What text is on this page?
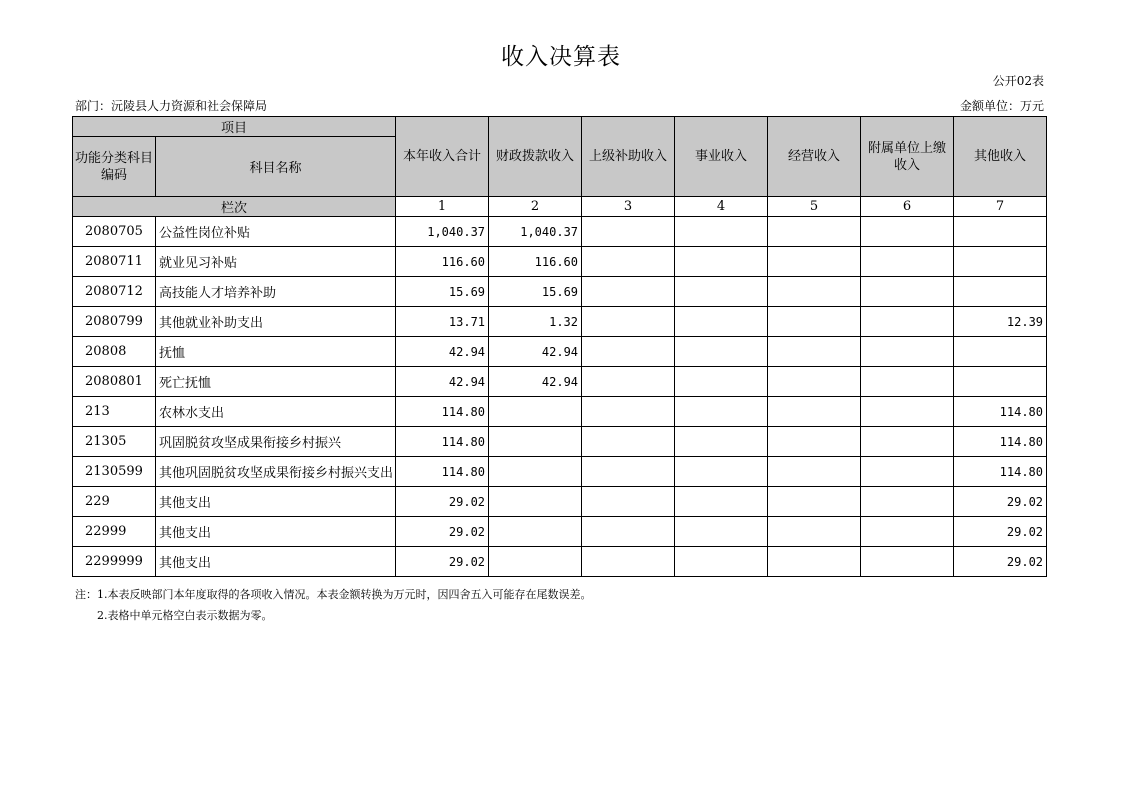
收入决算表
公开02表
部门：沅陵县人力资源和社会保障局	金额单位：万元
项目		本年收入合计	财政拨款收入	上级补助收入	事业收入	经营收入	附属单位上缴收入	其他收入
功能分类科目编码	科目名称							
栏次		1	2	3	4	5	6	7
2080705	公益性岗位补贴	1,040.37	1,040.37					
2080711	就业见习补贴	116.60	116.60					
2080712	高技能人才培养补助	15.69	15.69					
2080799	其他就业补助支出	13.71	1.32					12.39
20808	抚恤	42.94	42.94					
2080801	死亡抚恤	42.94	42.94					
213	农林水支出	114.80						114.80
21305	巩固脱贫攻坚成果衔接乡村振兴	114.80						114.80
2130599	其他巩固脱贫攻坚成果衔接乡村振兴支出	114.80						114.80
229	其他支出	29.02						29.02
22999	其他支出	29.02						29.02
2299999	其他支出	29.02						29.02
注：1.本表反映部门本年度取得的各项收入情况。本表金额转换为万元时，因四舍五入可能存在尾数误差。
2.表格中单元格空白表示数据为零。
